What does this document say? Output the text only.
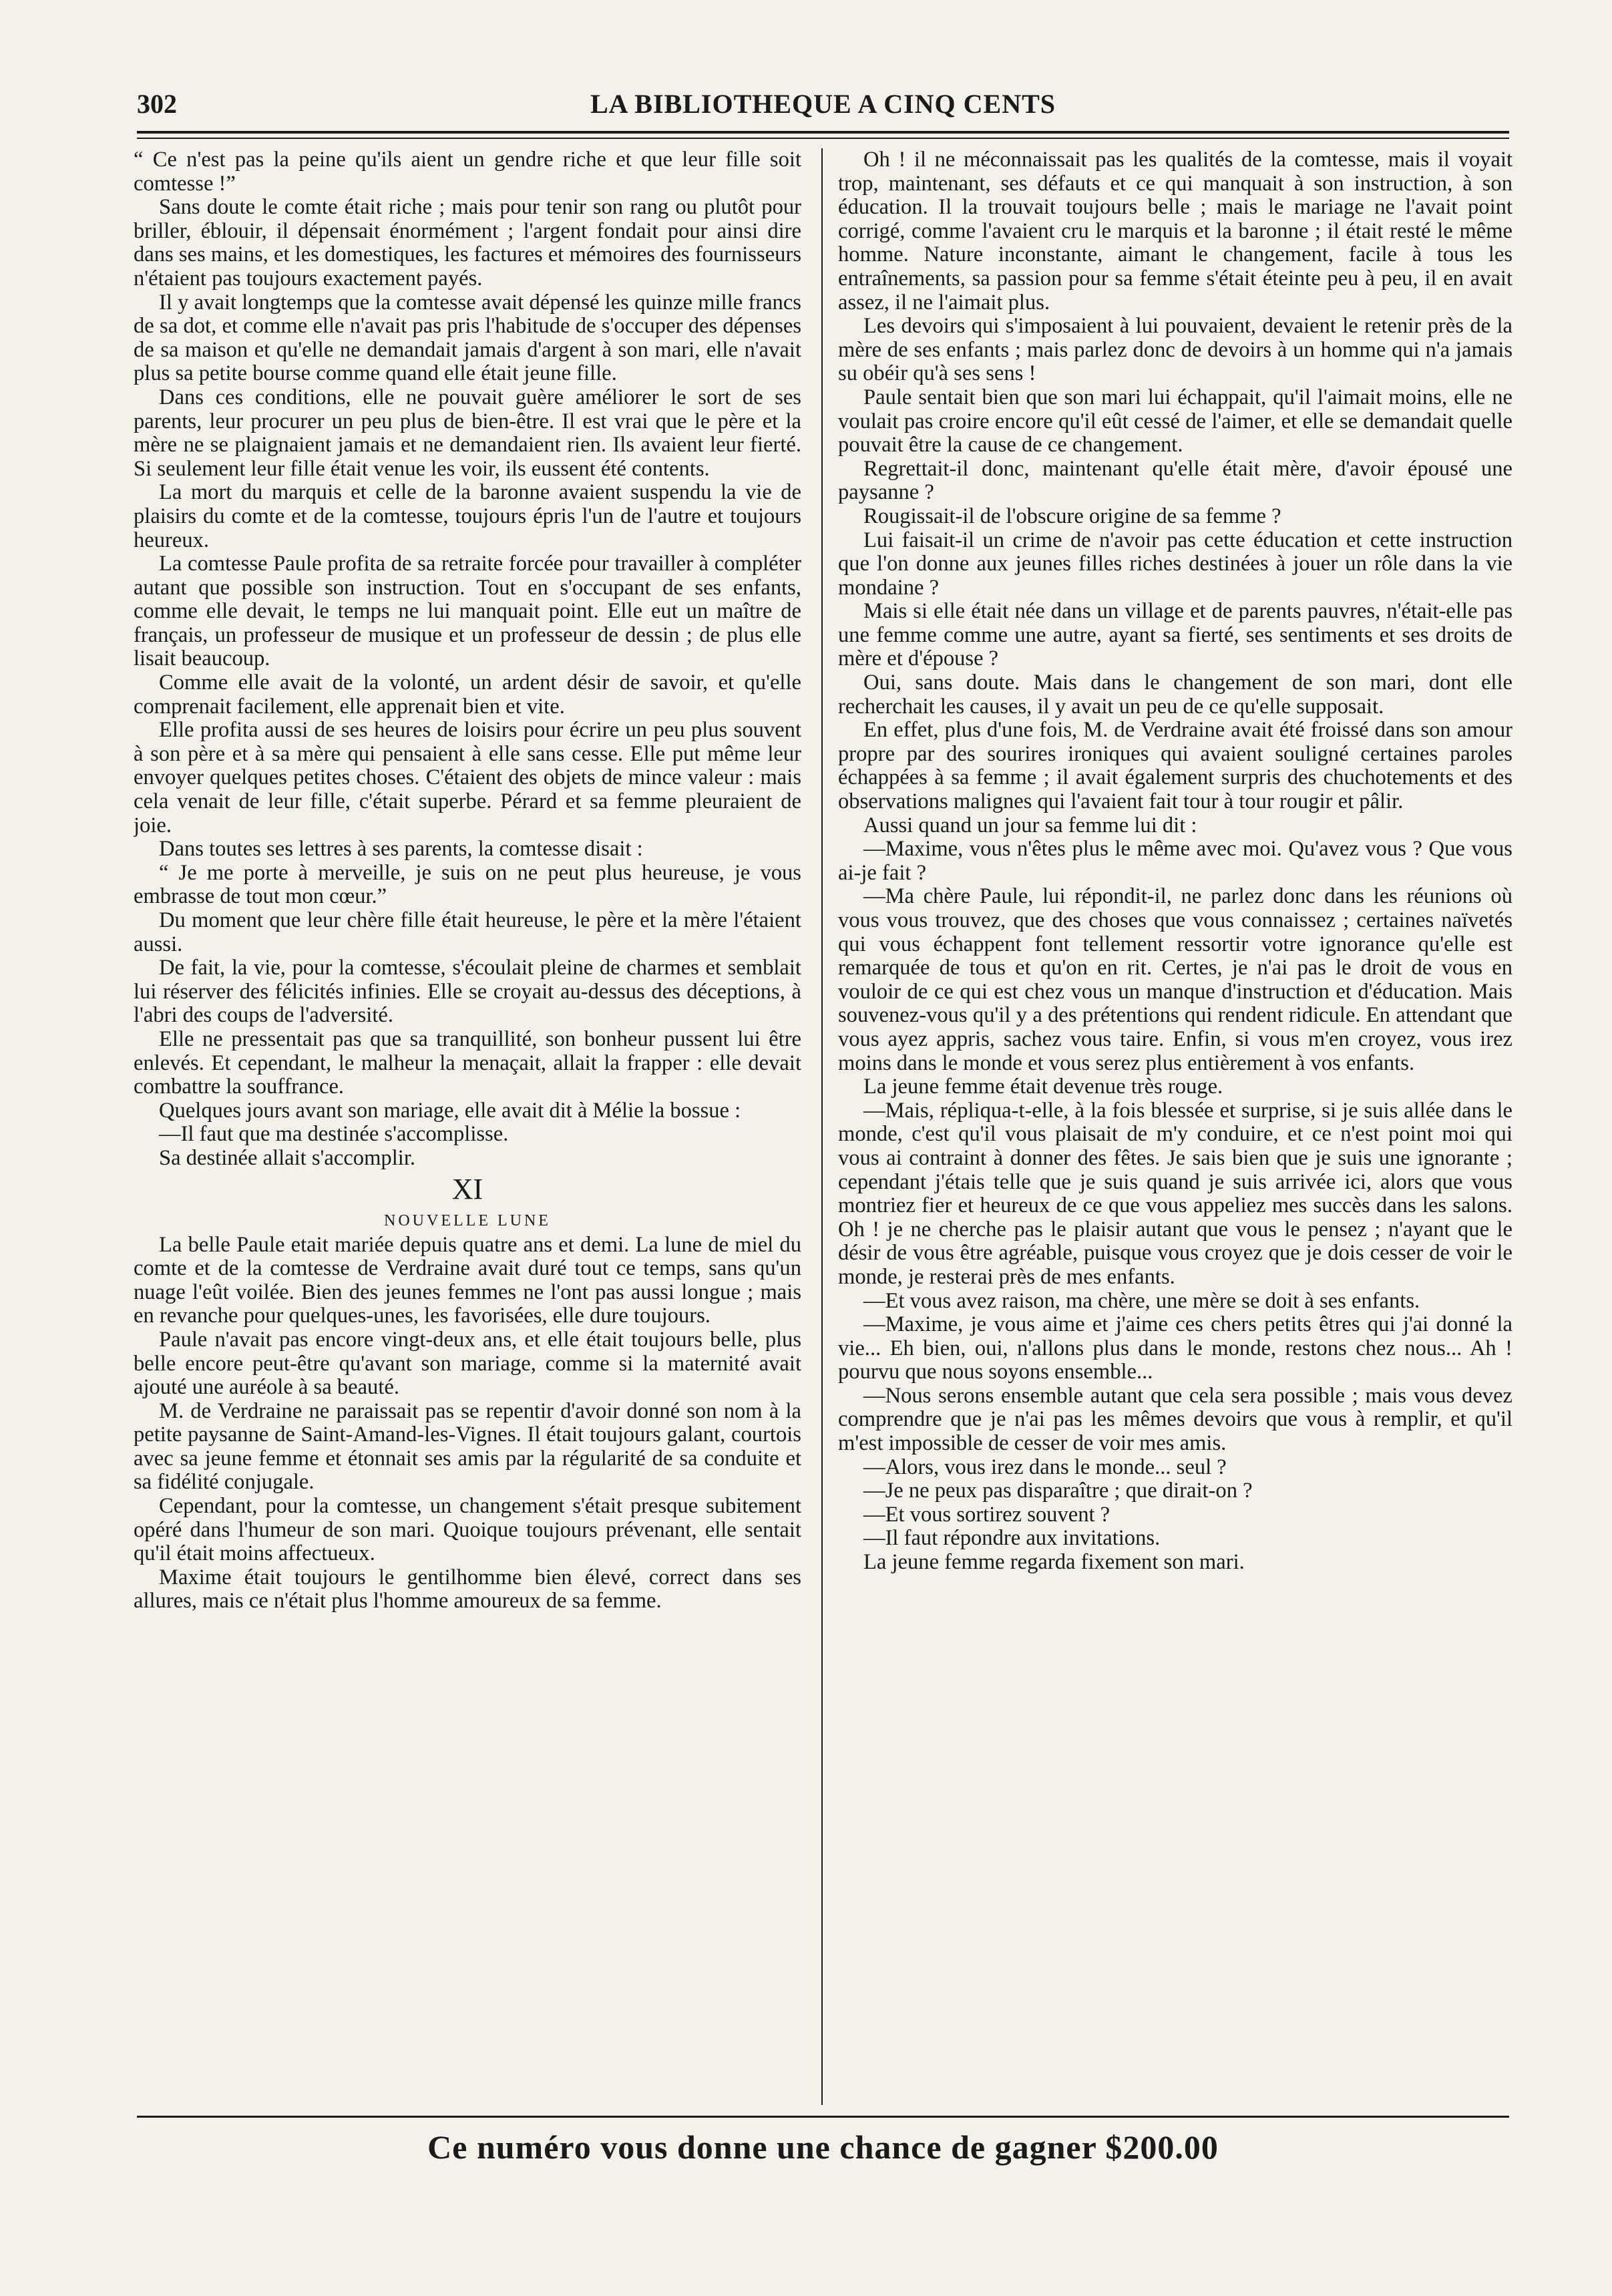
302	LA BIBLIOTHEQUE A CINQ CENTS

“ Ce n'est pas la peine qu'ils aient un gendre riche et que leur fille soit comtesse !”

Sans doute le comte était riche ; mais pour tenir son rang ou plutôt pour briller, éblouir, il dépensait énormément ; l'argent fondait pour ainsi dire dans ses mains, et les domestiques, les factures et mémoires des fournisseurs n'étaient pas toujours exactement payés.

Il y avait longtemps que la comtesse avait dépensé les quinze mille francs de sa dot, et comme elle n'avait pas pris l'habitude de s'occuper des dépenses de sa maison et qu'elle ne demandait jamais d'argent à son mari, elle n'avait plus sa petite bourse comme quand elle était jeune fille.

Dans ces conditions, elle ne pouvait guère améliorer le sort de ses parents, leur procurer un peu plus de bien-être. Il est vrai que le père et la mère ne se plaignaient jamais et ne demandaient rien. Ils avaient leur fierté. Si seulement leur fille était venue les voir, ils eussent été contents.

La mort du marquis et celle de la baronne avaient suspendu la vie de plaisirs du comte et de la comtesse, toujours épris l'un de l'autre et toujours heureux.

La comtesse Paule profita de sa retraite forcée pour travailler à compléter autant que possible son instruction. Tout en s'occupant de ses enfants, comme elle devait, le temps ne lui manquait point. Elle eut un maître de français, un professeur de musique et un professeur de dessin ; de plus elle lisait beaucoup.

Comme elle avait de la volonté, un ardent désir de savoir, et qu'elle comprenait facilement, elle apprenait bien et vite.

Elle profita aussi de ses heures de loisirs pour écrire un peu plus souvent à son père et à sa mère qui pensaient à elle sans cesse. Elle put même leur envoyer quelques petites choses. C'étaient des objets de mince valeur : mais cela venait de leur fille, c'était superbe. Pérard et sa femme pleuraient de joie.

Dans toutes ses lettres à ses parents, la comtesse disait :

“ Je me porte à merveille, je suis on ne peut plus heureuse, je vous embrasse de tout mon cœur.”

Du moment que leur chère fille était heureuse, le père et la mère l'étaient aussi.

De fait, la vie, pour la comtesse, s'écoulait pleine de charmes et semblait lui réserver des félicités infinies. Elle se croyait au-dessus des déceptions, à l'abri des coups de l'adversité.

Elle ne pressentait pas que sa tranquillité, son bonheur pussent lui être enlevés. Et cependant, le malheur la menaçait, allait la frapper : elle devait combattre la souffrance.

Quelques jours avant son mariage, elle avait dit à Mélie la bossue :

—Il faut que ma destinée s'accomplisse.

Sa destinée allait s'accomplir.

XI

NOUVELLE LUNE

La belle Paule etait mariée depuis quatre ans et demi. La lune de miel du comte et de la comtesse de Verdraine avait duré tout ce temps, sans qu'un nuage l'eût voilée. Bien des jeunes femmes ne l'ont pas aussi longue ; mais en revanche pour quelques-unes, les favorisées, elle dure toujours.

Paule n'avait pas encore vingt-deux ans, et elle était toujours belle, plus belle encore peut-être qu'avant son mariage, comme si la maternité avait ajouté une auréole à sa beauté.

M. de Verdraine ne paraissait pas se repentir d'avoir donné son nom à la petite paysanne de Saint-Amand-les-Vignes. Il était toujours galant, courtois avec sa jeune femme et étonnait ses amis par la régularité de sa conduite et sa fidélité conjugale.

Cependant, pour la comtesse, un changement s'était presque subitement opéré dans l'humeur de son mari. Quoique toujours prévenant, elle sentait qu'il était moins affectueux.

Maxime était toujours le gentilhomme bien élevé, correct dans ses allures, mais ce n'était plus l'homme amoureux de sa femme.

Oh ! il ne méconnaissait pas les qualités de la comtesse, mais il voyait trop, maintenant, ses défauts et ce qui manquait à son instruction, à son éducation. Il la trouvait toujours belle ; mais le mariage ne l'avait point corrigé, comme l'avaient cru le marquis et la baronne ; il était resté le même homme. Nature inconstante, aimant le changement, facile à tous les entraînements, sa passion pour sa femme s'était éteinte peu à peu, il en avait assez, il ne l'aimait plus.

Les devoirs qui s'imposaient à lui pouvaient, devaient le retenir près de la mère de ses enfants ; mais parlez donc de devoirs à un homme qui n'a jamais su obéir qu'à ses sens !

Paule sentait bien que son mari lui échappait, qu'il l'aimait moins, elle ne voulait pas croire encore qu'il eût cessé de l'aimer, et elle se demandait quelle pouvait être la cause de ce changement.

Regrettait-il donc, maintenant qu'elle était mère, d'avoir épousé une paysanne ?

Rougissait-il de l'obscure origine de sa femme ?

Lui faisait-il un crime de n'avoir pas cette éducation et cette instruction que l'on donne aux jeunes filles riches destinées à jouer un rôle dans la vie mondaine ?

Mais si elle était née dans un village et de parents pauvres, n'était-elle pas une femme comme une autre, ayant sa fierté, ses sentiments et ses droits de mère et d'épouse ?

Oui, sans doute. Mais dans le changement de son mari, dont elle recherchait les causes, il y avait un peu de ce qu'elle supposait.

En effet, plus d'une fois, M. de Verdraine avait été froissé dans son amour propre par des sourires ironiques qui avaient souligné certaines paroles échappées à sa femme ; il avait également surpris des chuchotements et des observations malignes qui l'avaient fait tour à tour rougir et pâlir.

Aussi quand un jour sa femme lui dit :

—Maxime, vous n'êtes plus le même avec moi. Qu'avez vous ? Que vous ai-je fait ?

—Ma chère Paule, lui répondit-il, ne parlez donc dans les réunions où vous vous trouvez, que des choses que vous connaissez ; certaines naïvetés qui vous échappent font tellement ressortir votre ignorance qu'elle est remarquée de tous et qu'on en rit. Certes, je n'ai pas le droit de vous en vouloir de ce qui est chez vous un manque d'instruction et d'éducation. Mais souvenez-vous qu'il y a des prétentions qui rendent ridicule. En attendant que vous ayez appris, sachez vous taire. Enfin, si vous m'en croyez, vous irez moins dans le monde et vous serez plus entièrement à vos enfants.

La jeune femme était devenue très rouge.

—Mais, répliqua-t-elle, à la fois blessée et surprise, si je suis allée dans le monde, c'est qu'il vous plaisait de m'y conduire, et ce n'est point moi qui vous ai contraint à donner des fêtes. Je sais bien que je suis une ignorante ; cependant j'étais telle que je suis quand je suis arrivée ici, alors que vous montriez fier et heureux de ce que vous appeliez mes succès dans les salons. Oh ! je ne cherche pas le plaisir autant que vous le pensez ; n'ayant que le désir de vous être agréable, puisque vous croyez que je dois cesser de voir le monde, je resterai près de mes enfants.

—Et vous avez raison, ma chère, une mère se doit à ses enfants.

—Maxime, je vous aime et j'aime ces chers petits êtres qui j'ai donné la vie... Eh bien, oui, n'allons plus dans le monde, restons chez nous... Ah ! pourvu que nous soyons ensemble...

—Nous serons ensemble autant que cela sera possible ; mais vous devez comprendre que je n'ai pas les mêmes devoirs que vous à remplir, et qu'il m'est impossible de cesser de voir mes amis.

—Alors, vous irez dans le monde... seul ?

—Je ne peux pas disparaître ; que dirait-on ?

—Et vous sortirez souvent ?

—Il faut répondre aux invitations.

La jeune femme regarda fixement son mari.

Ce numéro vous donne une chance de gagner $200.00
